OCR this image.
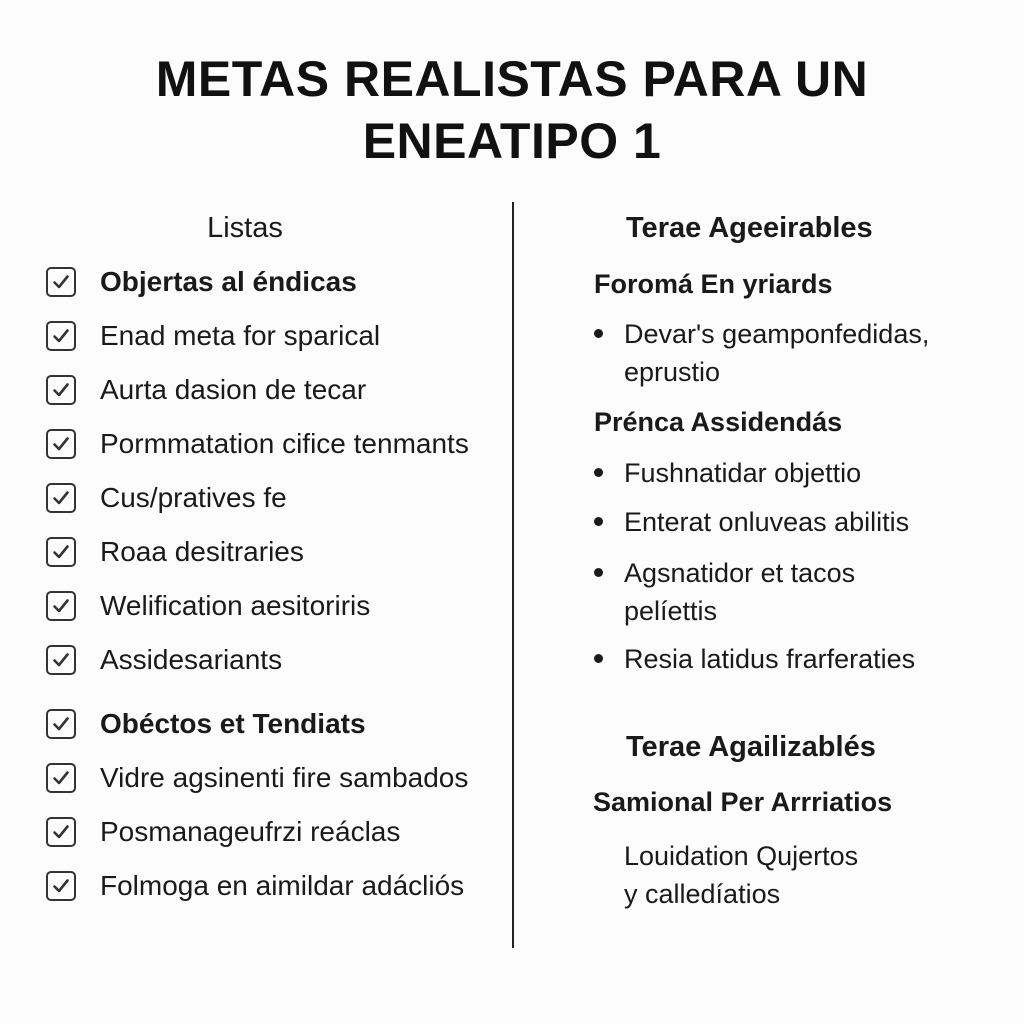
METAS REALISTAS PARA UN
ENEATIPO 1
Listas
Objertas al éndicas
Enad meta for sparical
Aurta dasion de tecar
Pormmatation cifice tenmants
Cus/pratives fe
Roaa desitraries
Welification aesitoriris
Assidesariants
Obéctos et Tendiats
Vidre agsinenti fire sambados
Posmanageufrzi reáclas
Folmoga en aimildar adácliós
Terae Ageeirables
Foromá En yriards
Devar's geamponfedidas, eprustio
Prénca Assidendás
Fushnatidar objettio
Enterat onluveas abilitis
Agsnatidor et tacos pelíettis
Resia latidus frarferaties
Terae Agailizablés
Samional Per Arrriatios
Louidation Qujertos
y calledíatios
